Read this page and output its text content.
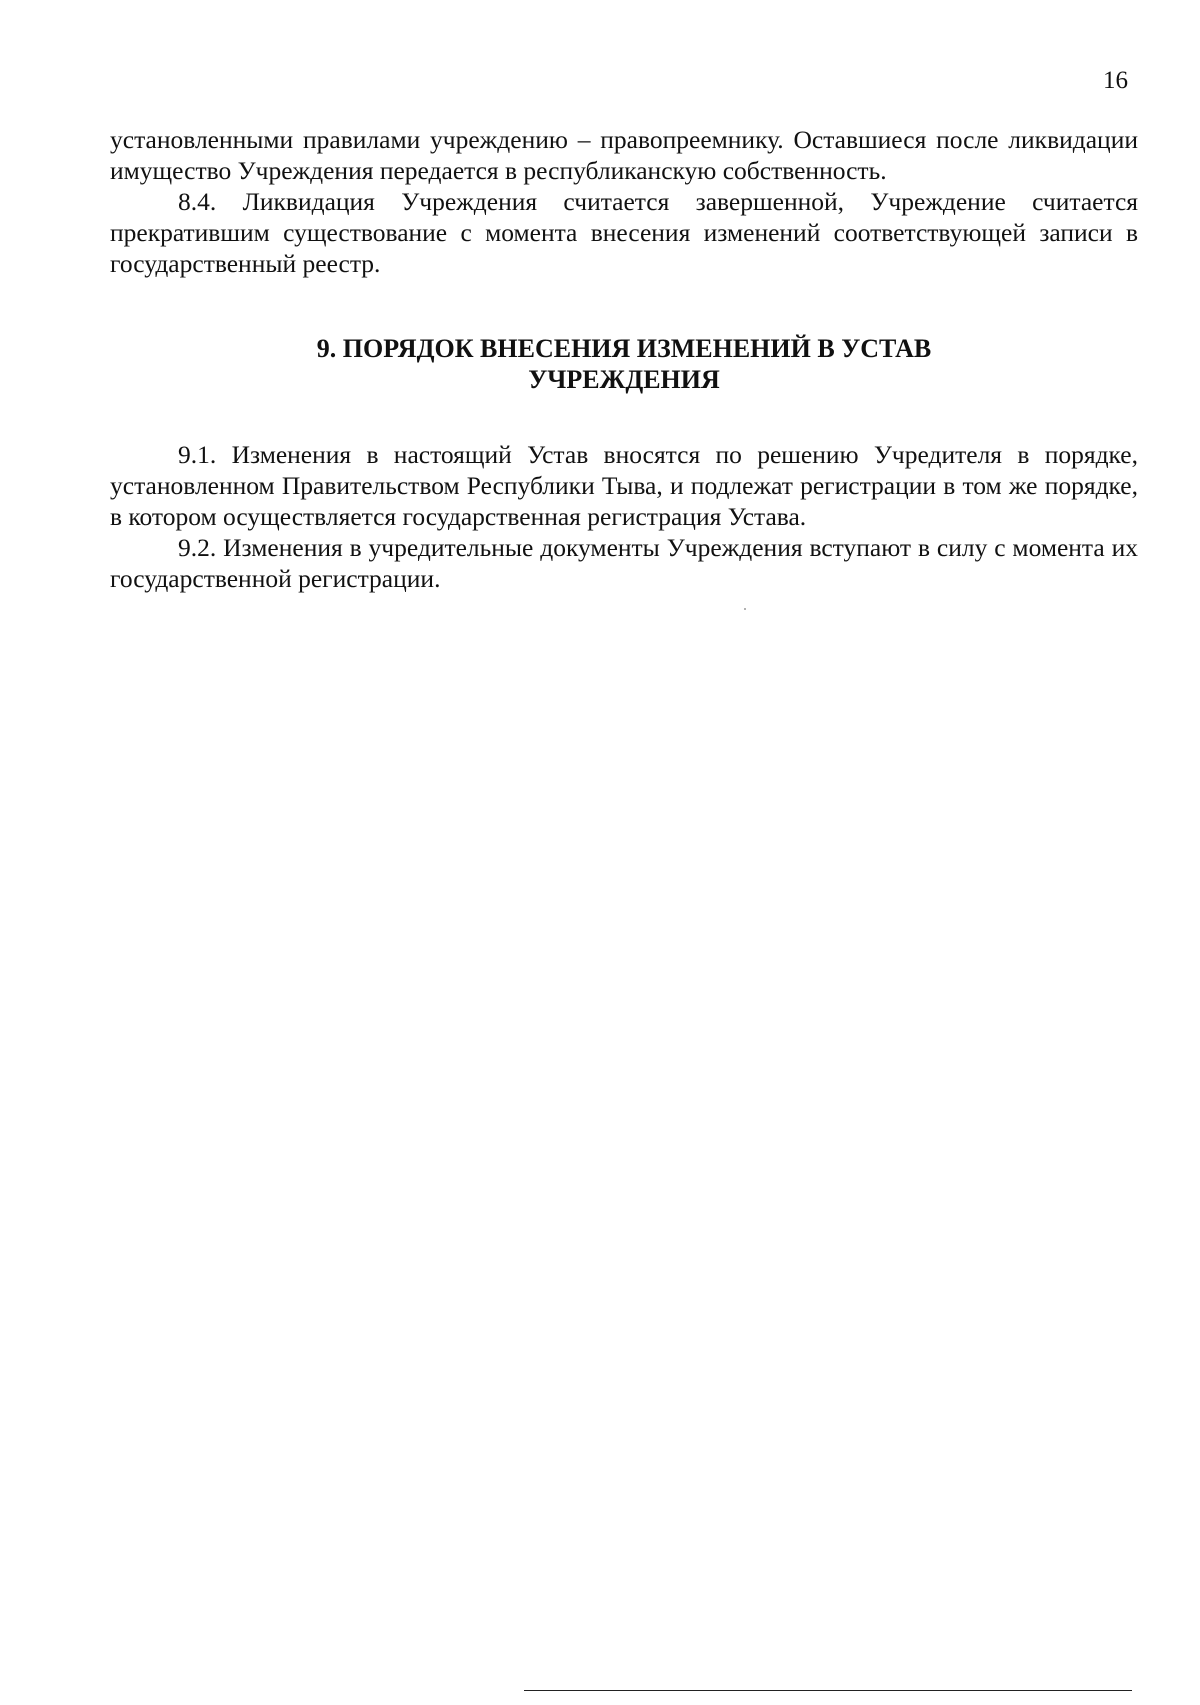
16

установленными правилами учреждению – правопреемнику. Оставшиеся после ликвидации имущество Учреждения передается в республиканскую собственность.

8.4. Ликвидация Учреждения считается завершенной, Учреждение считается прекратившим существование с момента внесения изменений соответствующей записи в государственный реестр.

9. ПОРЯДОК ВНЕСЕНИЯ ИЗМЕНЕНИЙ В УСТАВ
УЧРЕЖДЕНИЯ

9.1. Изменения в настоящий Устав вносятся по решению Учредителя в порядке, установленном Правительством Республики Тыва, и подлежат регистрации в том же порядке, в котором осуществляется государственная регистрация Устава.

9.2. Изменения в учредительные документы Учреждения вступают в силу с момента их государственной регистрации.
